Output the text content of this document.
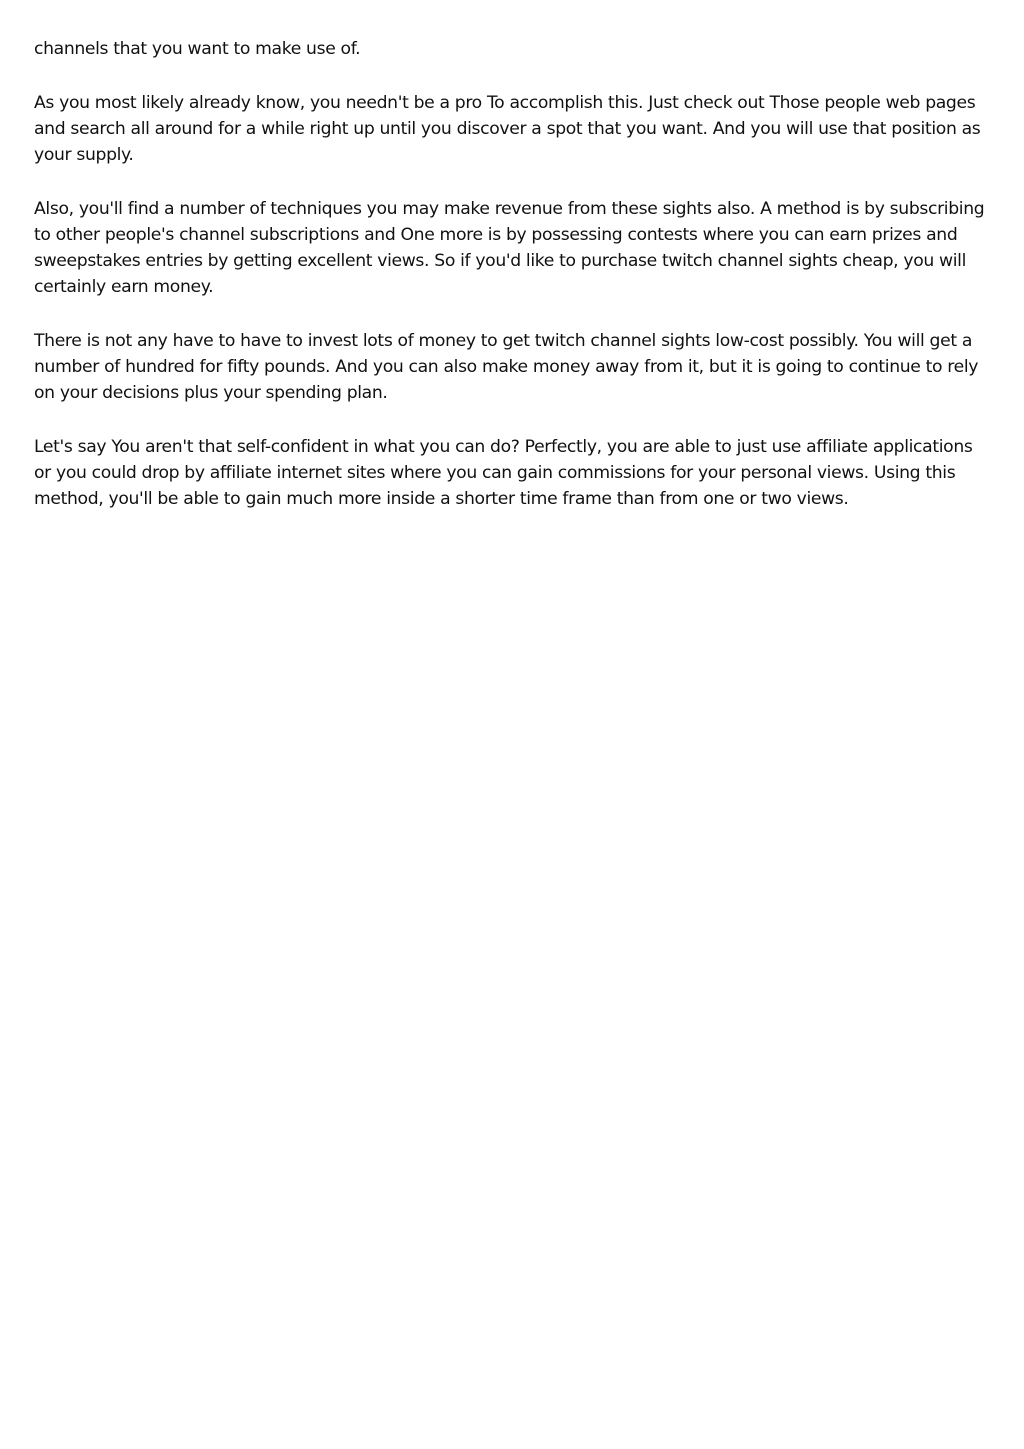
channels that you want to make use of.

As you most likely already know, you needn't be a pro To accomplish this. Just check out Those people web pages and search all around for a while right up until you discover a spot that you want. And you will use that position as your supply.

Also, you'll find a number of techniques you may make revenue from these sights also. A method is by subscribing to other people's channel subscriptions and One more is by possessing contests where you can earn prizes and sweepstakes entries by getting excellent views. So if you'd like to purchase twitch channel sights cheap, you will certainly earn money.

There is not any have to have to invest lots of money to get twitch channel sights low-cost possibly. You will get a number of hundred for fifty pounds. And you can also make money away from it, but it is going to continue to rely on your decisions plus your spending plan.

Let's say You aren't that self-confident in what you can do? Perfectly, you are able to just use affiliate applications or you could drop by affiliate internet sites where you can gain commissions for your personal views. Using this method, you'll be able to gain much more inside a shorter time frame than from one or two views.
